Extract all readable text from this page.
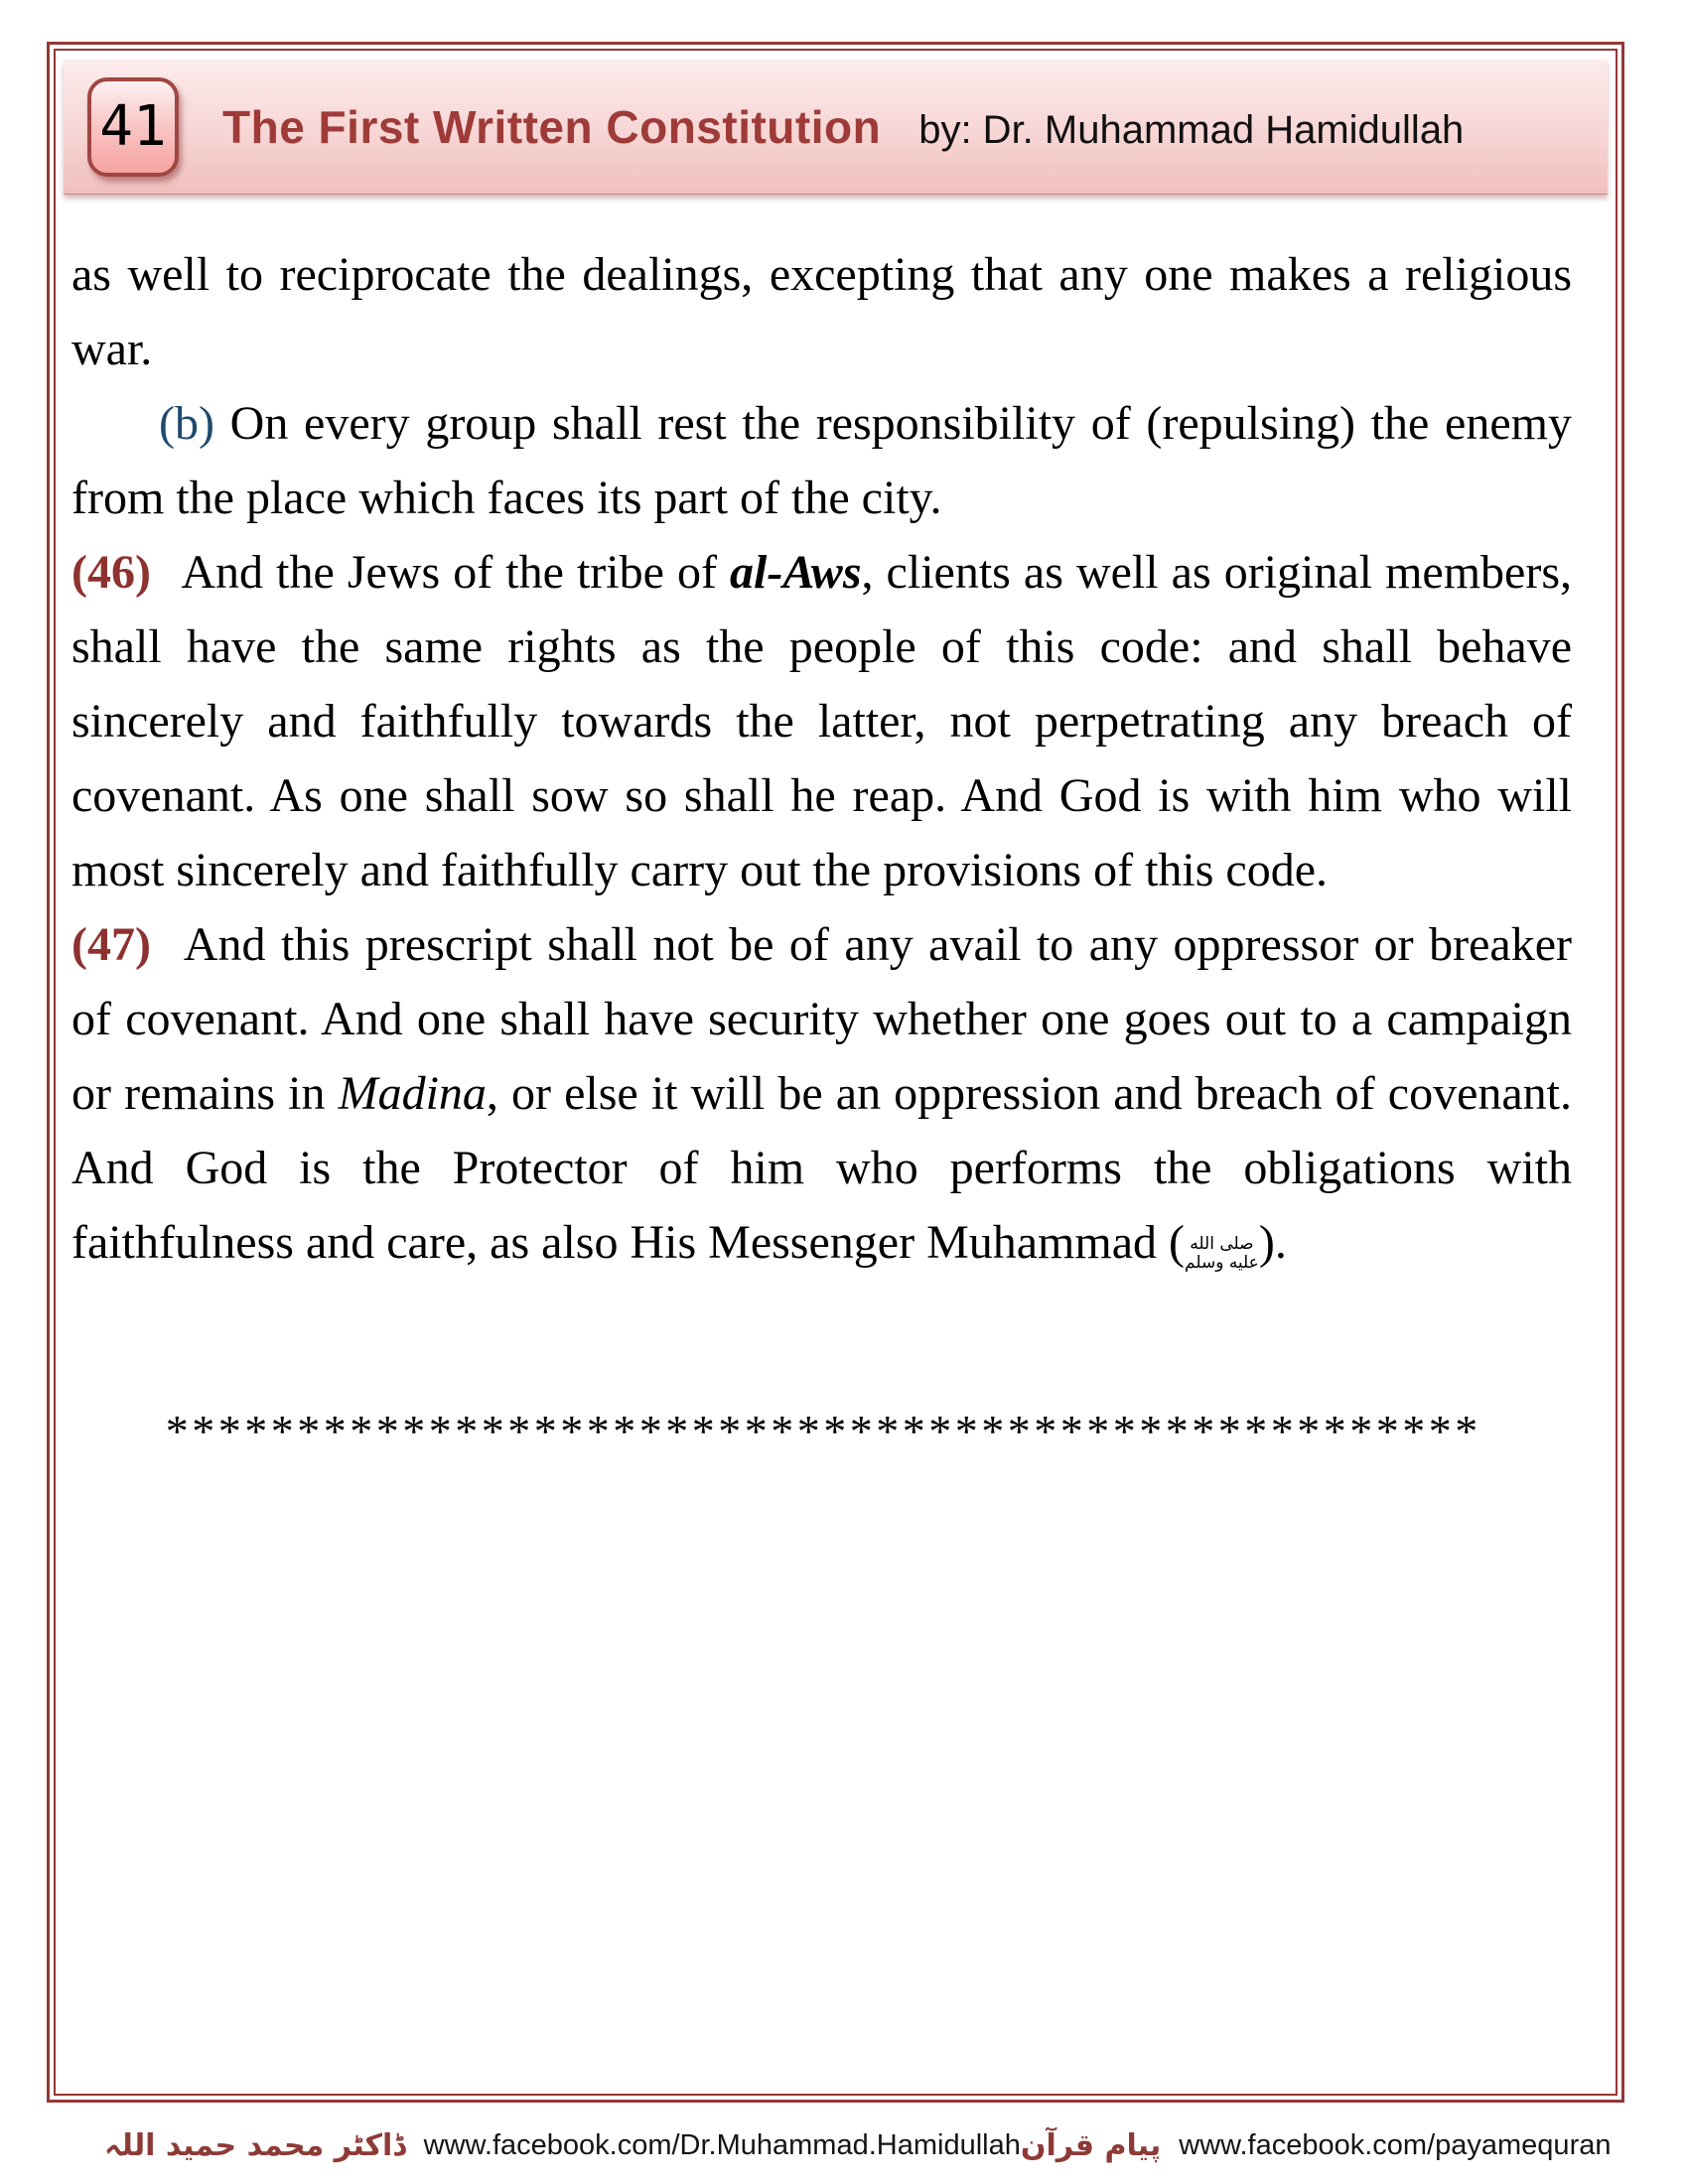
41 The First Written Constitution by: Dr. Muhammad Hamidullah

as well to reciprocate the dealings, excepting that any one makes a religious war.

(b) On every group shall rest the responsibility of (repulsing) the enemy from the place which faces its part of the city.

(46) And the Jews of the tribe of al-Aws, clients as well as original members, shall have the same rights as the people of this code: and shall behave sincerely and faithfully towards the latter, not perpetrating any breach of covenant. As one shall sow so shall he reap. And God is with him who will most sincerely and faithfully carry out the provisions of this code.

(47) And this prescript shall not be of any avail to any oppressor or breaker of covenant. And one shall have security whether one goes out to a campaign or remains in Madina, or else it will be an oppression and breach of covenant. And God is the Protector of him who performs the obligations with faithfulness and care, as also His Messenger Muhammad ( صلى الله
عليه وسلم).

* * * * * * * * * * * * * * * * * * * * * * * * * * * * * * * * * * * * * * * * * * * * * * * * * *
ڈاکٹر محمد حمید اللہ www.facebook.com/Dr.Muhammad.Hamidullah پیام قرآن www.facebook.com/payamequran
